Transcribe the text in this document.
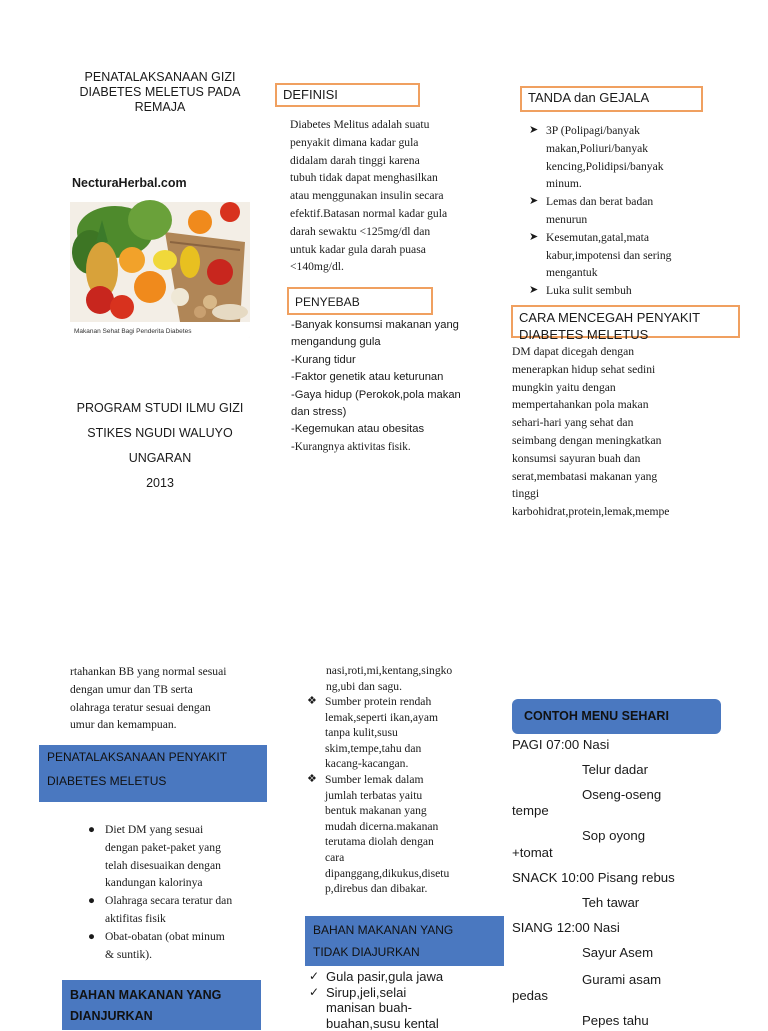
PENATALAKSANAAN GIZI
DIABETES MELETUS PADA
REMAJA
NecturaHerbal.com
Makanan Sehat Bagi Penderita Diabetes
PROGRAM STUDI ILMU GIZI
STIKES NGUDI WALUYO
UNGARAN
2013
DEFINISI
Diabetes Melitus adalah suatu
penyakit dimana kadar gula
didalam darah tinggi karena
tubuh tidak dapat menghasilkan
atau menggunakan insulin secara
efektif.Batasan normal kadar gula
darah sewaktu <125mg/dl dan
untuk kadar gula darah puasa
<140mg/dl.
PENYEBAB
-Banyak konsumsi makanan yang
mengandung gula
-Kurang tidur
-Faktor genetik atau keturunan
-Gaya hidup (Perokok,pola makan
dan stress)
-Kegemukan atau obesitas
-Kurangnya aktivitas fisik.
TANDA dan GEJALA
➤ 3P (Polipagi/banyak
makan,Poliuri/banyak
kencing,Polidipsi/banyak
minum.
➤ Lemas dan berat badan
menurun
➤ Kesemutan,gatal,mata
kabur,impotensi dan sering
mengantuk
➤ Luka sulit sembuh
CARA MENCEGAH PENYAKIT
DIABETES MELETUS
DM dapat dicegah dengan
menerapkan hidup sehat sedini
mungkin yaitu dengan
mempertahankan pola makan
sehari-hari yang sehat dan
seimbang dengan meningkatkan
konsumsi sayuran buah dan
serat,membatasi makanan yang
tinggi
karbohidrat,protein,lemak,mempe
rtahankan BB yang normal sesuai
dengan umur dan TB serta
olahraga teratur sesuai dengan
umur dan kemampuan.
PENATALAKSANAAN PENYAKIT
DIABETES MELETUS
● Diet DM yang sesuai
dengan paket-paket yang
telah disesuaikan dengan
kandungan kalorinya
● Olahraga secara teratur dan
aktifitas fisik
● Obat-obatan (obat minum
& suntik).
BAHAN MAKANAN YANG
DIANJURKAN
nasi,roti,mi,kentang,singko
ng,ubi dan sagu.
❖ Sumber protein rendah
lemak,seperti ikan,ayam
tanpa kulit,susu
skim,tempe,tahu dan
kacang-kacangan.
❖ Sumber lemak dalam
jumlah terbatas yaitu
bentuk makanan yang
mudah dicerna.makanan
terutama diolah dengan
cara
dipanggang,dikukus,disetu
p,direbus dan dibakar.
BAHAN MAKANAN YANG
TIDAK DIAJURKAN
✓ Gula pasir,gula jawa
✓ Sirup,jeli,selai
manisan buah-
buahan,susu kental
CONTOH MENU SEHARI
PAGI 07:00 Nasi
Telur dadar
Oseng-oseng
tempe
Sop oyong
+tomat
SNACK 10:00 Pisang rebus
Teh tawar
SIANG 12:00 Nasi
Sayur Asem
Gurami asam
pedas
Pepes tahu
